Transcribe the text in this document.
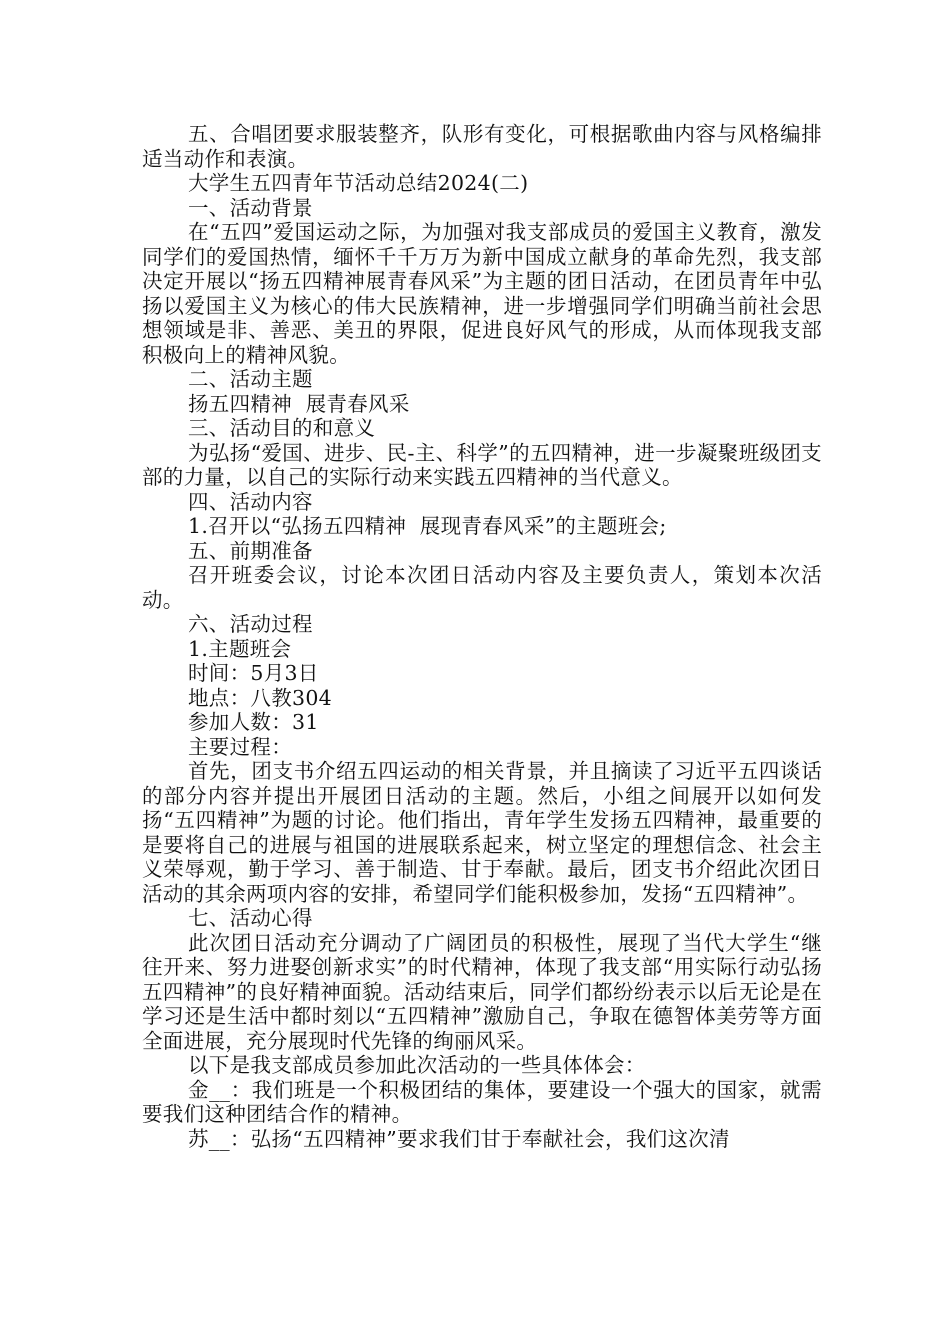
五、合唱团要求服装整齐，队形有变化，可根据歌曲内容与风格编排适当动作和表演。

大学生五四青年节活动总结2024(二)

一、活动背景

在“五四”爱国运动之际，为加强对我支部成员的爱国主义教育，激发同学们的爱国热情，缅怀千千万万为新中国成立献身的革命先烈，我支部决定开展以“扬五四精神展青春风采”为主题的团日活动，在团员青年中弘扬以爱国主义为核心的伟大民族精神，进一步增强同学们明确当前社会思想领域是非、善恶、美丑的界限，促进良好风气的形成，从而体现我支部积极向上的精神风貌。

二、活动主题

扬五四精神  展青春风采

三、活动目的和意义

为弘扬“爱国、进步、民-主、科学”的五四精神，进一步凝聚班级团支部的力量，以自己的实际行动来实践五四精神的当代意义。

四、活动内容

1.召开以“弘扬五四精神  展现青春风采”的主题班会;

五、前期准备

召开班委会议，讨论本次团日活动内容及主要负责人，策划本次活动。

六、活动过程

1.主题班会

时间：5月3日

地点：八教304

参加人数：31

主要过程：

首先，团支书介绍五四运动的相关背景，并且摘读了习近平五四谈话的部分内容并提出开展团日活动的主题。然后，小组之间展开以如何发扬“五四精神”为题的讨论。他们指出，青年学生发扬五四精神，最重要的是要将自己的进展与祖国的进展联系起来，树立坚定的理想信念、社会主义荣辱观，勤于学习、善于制造、甘于奉献。最后，团支书介绍此次团日活动的其余两项内容的安排，希望同学们能积极参加，发扬“五四精神”。

七、活动心得

此次团日活动充分调动了广阔团员的积极性，展现了当代大学生“继往开来、努力进娶创新求实”的时代精神，体现了我支部“用实际行动弘扬五四精神”的良好精神面貌。活动结束后，同学们都纷纷表示以后无论是在学习还是生活中都时刻以“五四精神”激励自己，争取在德智体美劳等方面全面进展，充分展现时代先锋的绚丽风采。

以下是我支部成员参加此次活动的一些具体体会：

金__：我们班是一个积极团结的集体，要建设一个强大的国家，就需要我们这种团结合作的精神。

苏__：弘扬“五四精神”要求我们甘于奉献社会，我们这次清
